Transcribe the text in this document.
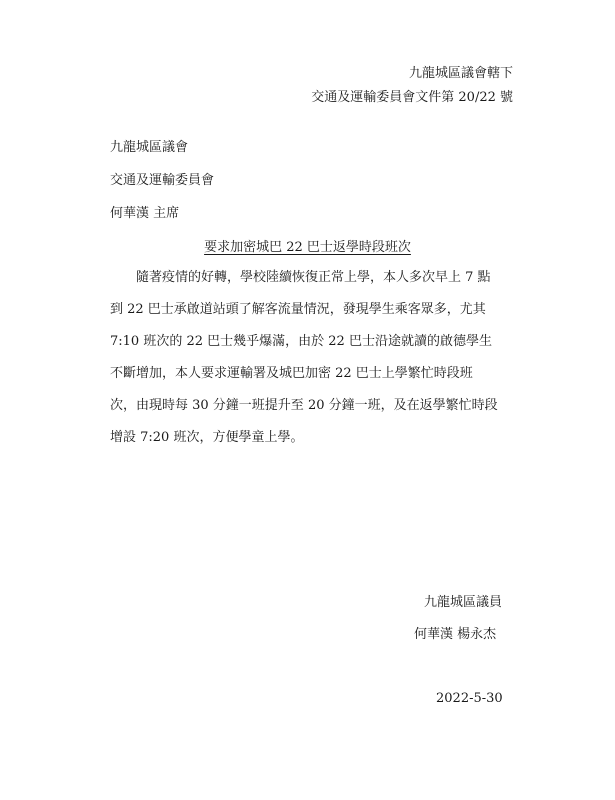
九龍城區議會轄下
交通及運輸委員會文件第 20/22 號
九龍城區議會
交通及運輸委員會
何華漢 主席
要求加密城巴 22 巴士返學時段班次
　　隨著疫情的好轉，學校陸續恢復正常上學，本人多次早上 7 點
到 22 巴士承啟道站頭了解客流量情況，發現學生乘客眾多，尤其
7:10 班次的 22 巴士幾乎爆滿，由於 22 巴士沿途就讀的啟德學生
不斷增加，本人要求運輸署及城巴加密 22 巴士上學繁忙時段班
次，由現時每 30 分鐘一班提升至 20 分鐘一班，及在返學繁忙時段
增設 7:20 班次，方便學童上學。
九龍城區議員
何華漢 楊永杰
2022-5-30
